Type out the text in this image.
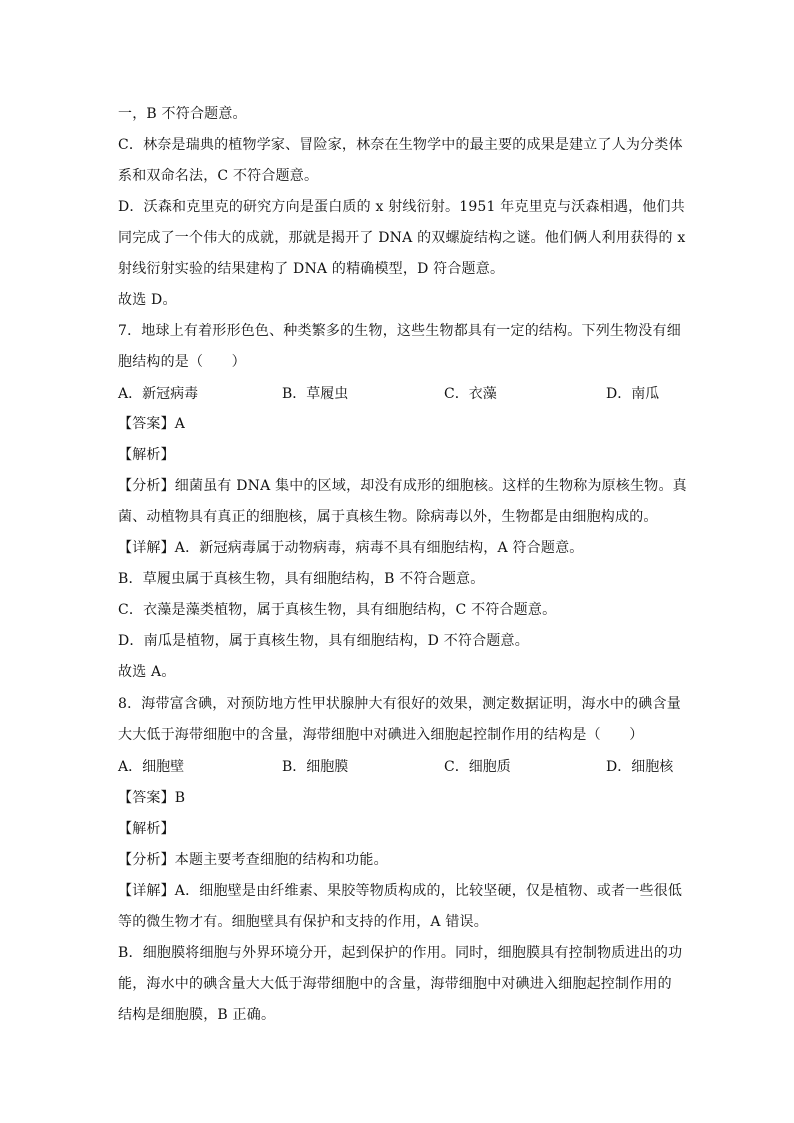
一，B 不符合题意。
C．林奈是瑞典的植物学家、冒险家，林奈在生物学中的最主要的成果是建立了人为分类体
系和双命名法，C 不符合题意。
D．沃森和克里克的研究方向是蛋白质的 x 射线衍射。1951 年克里克与沃森相遇，他们共
同完成了一个伟大的成就，那就是揭开了 DNA 的双螺旋结构之谜。他们俩人利用获得的 x
射线衍射实验的结果建构了 DNA 的精确模型，D 符合题意。
故选 D。
7．地球上有着形形色色、种类繁多的生物，这些生物都具有一定的结构。下列生物没有细
胞结构的是（　　）
A．新冠病毒	B．草履虫	C．衣藻	D．南瓜
【答案】A
【解析】
【分析】细菌虽有 DNA 集中的区域，却没有成形的细胞核。这样的生物称为原核生物。真
菌、动植物具有真正的细胞核，属于真核生物。除病毒以外，生物都是由细胞构成的。
【详解】A．新冠病毒属于动物病毒，病毒不具有细胞结构，A 符合题意。
B．草履虫属于真核生物，具有细胞结构，B 不符合题意。
C．衣藻是藻类植物，属于真核生物，具有细胞结构，C 不符合题意。
D．南瓜是植物，属于真核生物，具有细胞结构，D 不符合题意。
故选 A。
8．海带富含碘，对预防地方性甲状腺肿大有很好的效果，测定数据证明，海水中的碘含量
大大低于海带细胞中的含量，海带细胞中对碘进入细胞起控制作用的结构是（　　）
A．细胞壁	B．细胞膜	C．细胞质	D．细胞核
【答案】B
【解析】
【分析】本题主要考查细胞的结构和功能。
【详解】A．细胞壁是由纤维素、果胶等物质构成的，比较坚硬，仅是植物、或者一些很低
等的微生物才有。细胞壁具有保护和支持的作用，A 错误。
B．细胞膜将细胞与外界环境分开，起到保护的作用。同时，细胞膜具有控制物质进出的功
能，海水中的碘含量大大低于海带细胞中的含量，海带细胞中对碘进入细胞起控制作用的
结构是细胞膜，B 正确。
